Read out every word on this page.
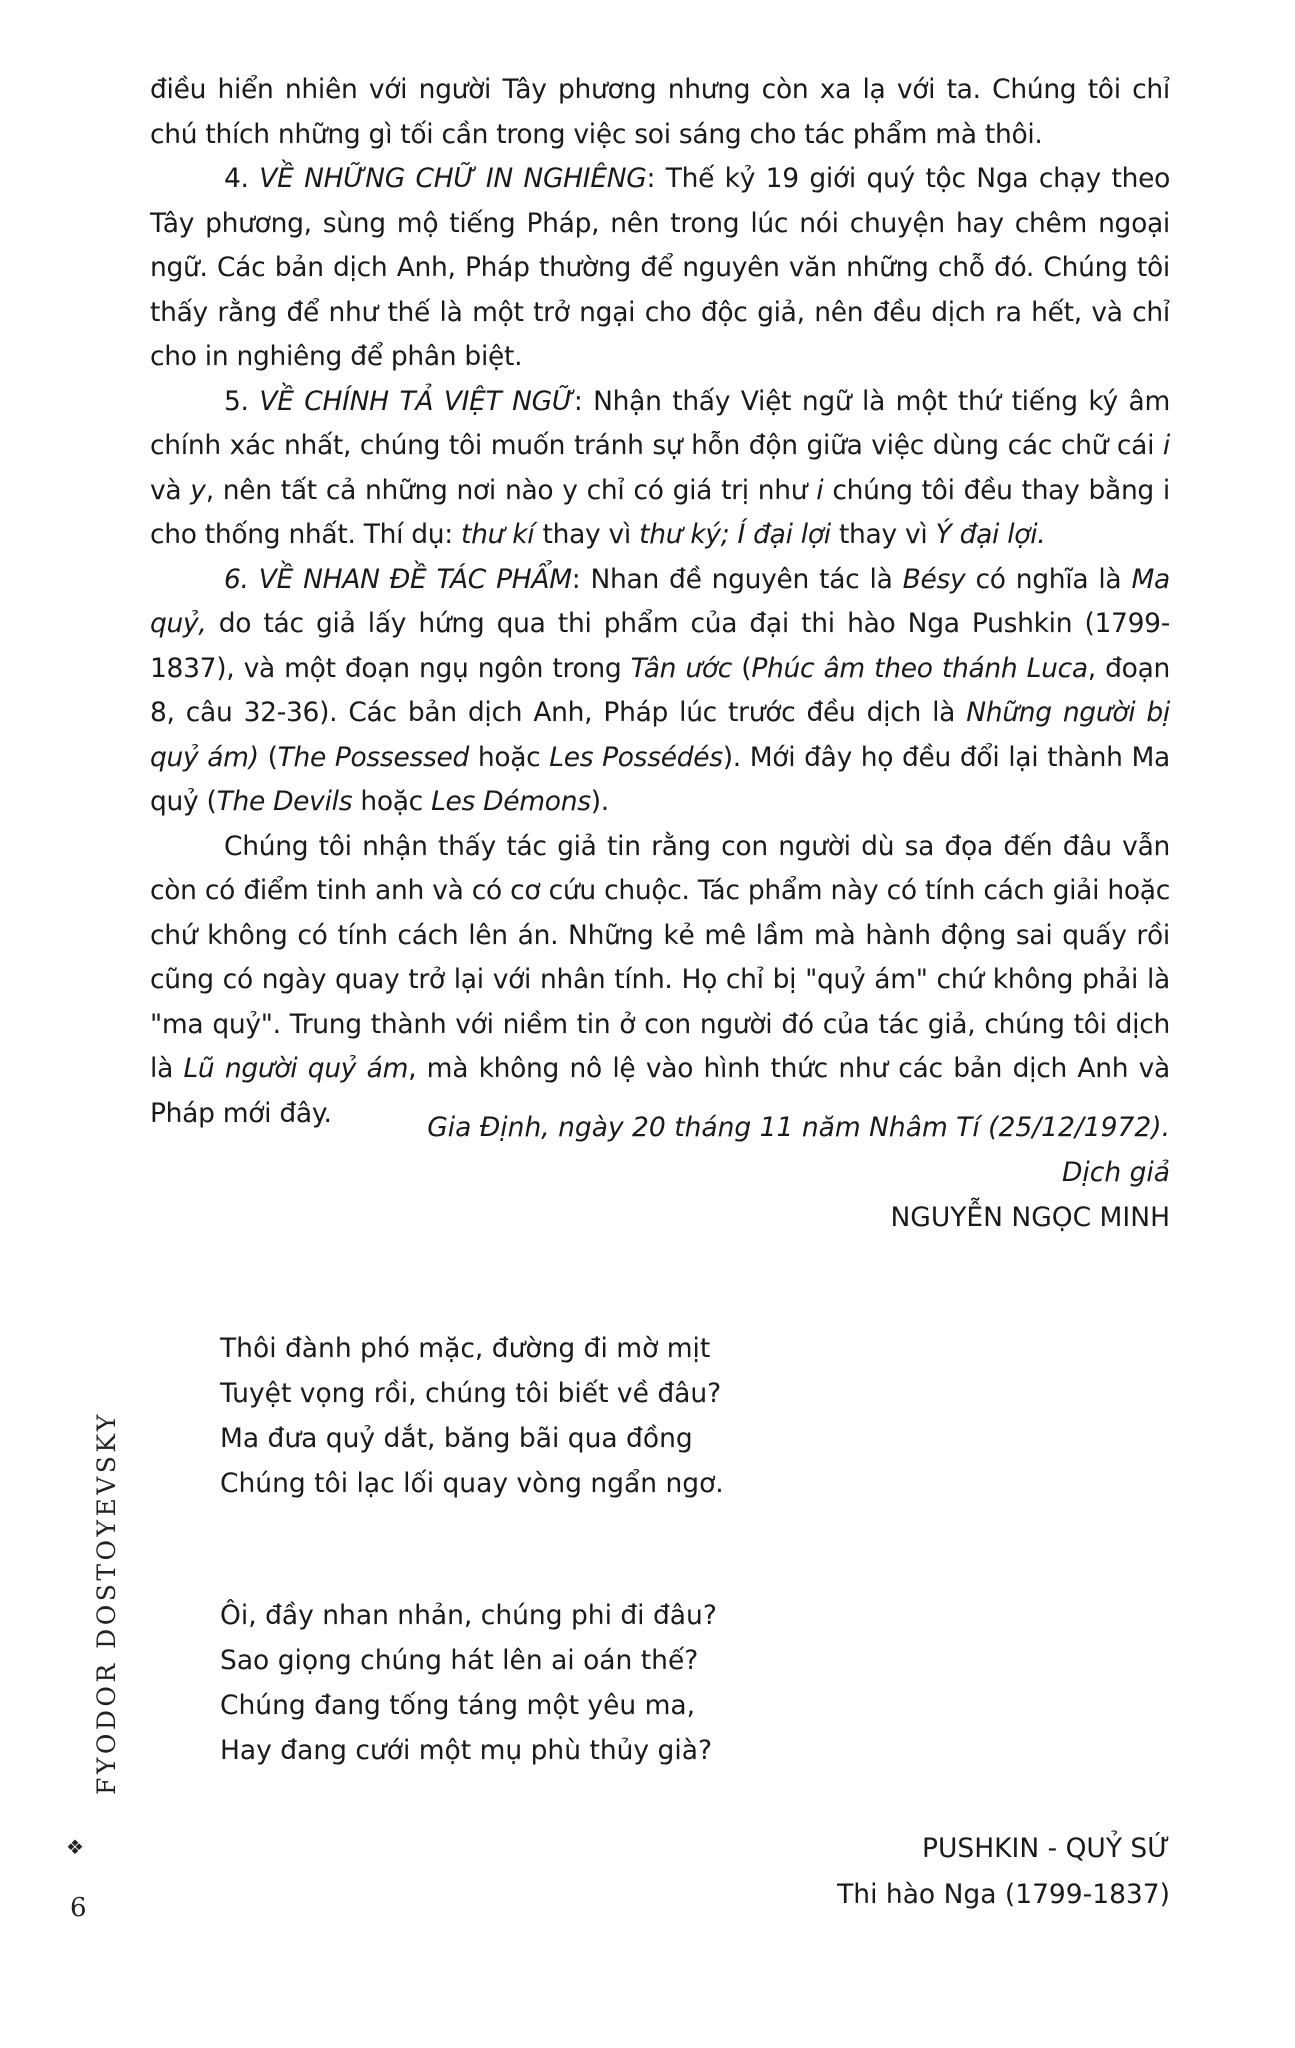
điều hiển nhiên với người Tây phương nhưng còn xa lạ với ta. Chúng tôi chỉ chú thích những gì tối cần trong việc soi sáng cho tác phẩm mà thôi.

4. VỀ NHỮNG CHỮ IN NGHIÊNG: Thế kỷ 19 giới quý tộc Nga chạy theo Tây phương, sùng mộ tiếng Pháp, nên trong lúc nói chuyện hay chêm ngoại ngữ. Các bản dịch Anh, Pháp thường để nguyên văn những chỗ đó. Chúng tôi thấy rằng để như thế là một trở ngại cho độc giả, nên đều dịch ra hết, và chỉ cho in nghiêng để phân biệt.

5. VỀ CHÍNH TẢ VIỆT NGỮ: Nhận thấy Việt ngữ là một thứ tiếng ký âm chính xác nhất, chúng tôi muốn tránh sự hỗn độn giữa việc dùng các chữ cái i và y, nên tất cả những nơi nào y chỉ có giá trị như i chúng tôi đều thay bằng i cho thống nhất. Thí dụ: thư kí thay vì thư ký; Í đại lợi thay vì Ý đại lợi.

6. VỀ NHAN ĐỀ TÁC PHẨM: Nhan đề nguyên tác là Bésy có nghĩa là Ma quỷ, do tác giả lấy hứng qua thi phẩm của đại thi hào Nga Pushkin (1799-1837), và một đoạn ngụ ngôn trong Tân ước (Phúc âm theo thánh Luca, đoạn 8, câu 32-36). Các bản dịch Anh, Pháp lúc trước đều dịch là Những người bị quỷ ám) (The Possessed hoặc Les Possédés). Mới đây họ đều đổi lại thành Ma quỷ (The Devils hoặc Les Démons).

Chúng tôi nhận thấy tác giả tin rằng con người dù sa đọa đến đâu vẫn còn có điểm tinh anh và có cơ cứu chuộc. Tác phẩm này có tính cách giải hoặc chứ không có tính cách lên án. Những kẻ mê lầm mà hành động sai quấy rồi cũng có ngày quay trở lại với nhân tính. Họ chỉ bị "quỷ ám" chứ không phải là "ma quỷ". Trung thành với niềm tin ở con người đó của tác giả, chúng tôi dịch là Lũ người quỷ ám, mà không nô lệ vào hình thức như các bản dịch Anh và Pháp mới đây.	Gia Định, ngày 20 tháng 11 năm Nhâm Tí (25/12/1972).
Dịch giả
NGUYỄN NGỌC MINH
Thôi đành phó mặc, đường đi mờ mịt
Tuyệt vọng rồi, chúng tôi biết về đâu?
Ma đưa quỷ dắt, băng bãi qua đồng
Chúng tôi lạc lối quay vòng ngẩn ngơ.
Ôi, đầy nhan nhản, chúng phi đi đâu?
Sao giọng chúng hát lên ai oán thế?
Chúng đang tống táng một yêu ma,
Hay đang cưới một mụ phù thủy già?
PUSHKIN - QUỶ SỨ
Thi hào Nga (1799-1837)
FYODOR DOSTOYEVSKY
❖
6
